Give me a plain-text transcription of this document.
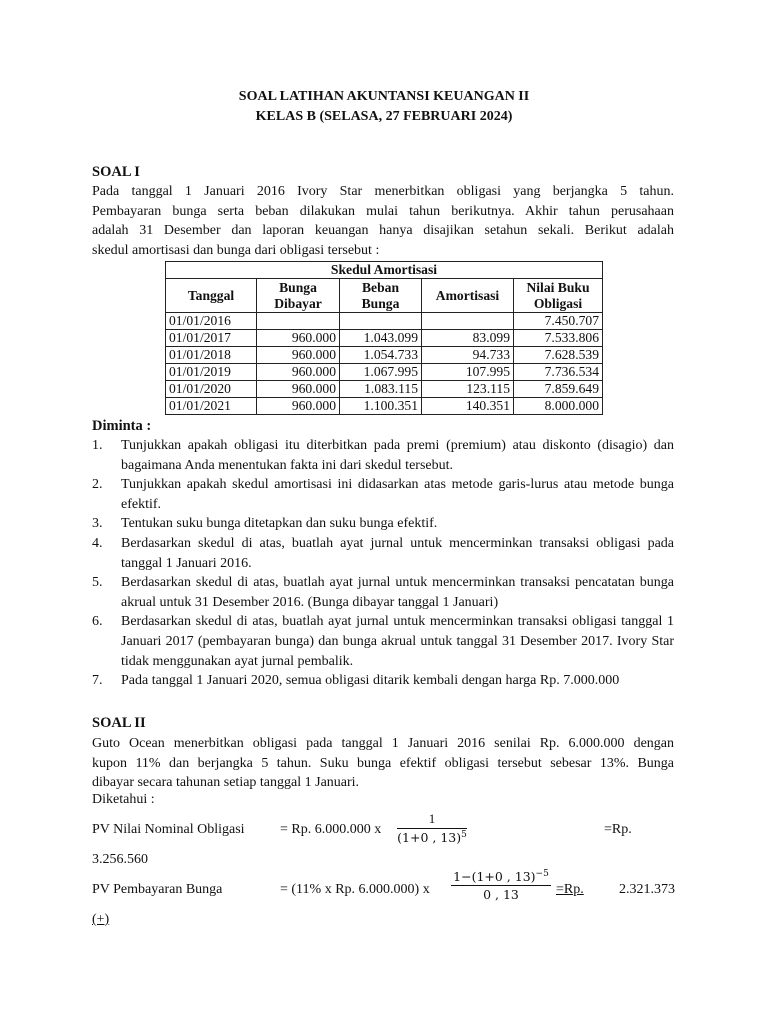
SOAL LATIHAN AKUNTANSI KEUANGAN II
KELAS B (SELASA, 27 FEBRUARI 2024)
SOAL I
Pada tanggal 1 Januari 2016 Ivory Star menerbitkan obligasi yang berjangka 5 tahun.
Pembayaran bunga serta beban dilakukan mulai tahun berikutnya. Akhir tahun perusahaan
adalah 31 Desember dan laporan keuangan hanya disajikan setahun sekali. Berikut adalah
skedul amortisasi dan bunga dari obligasi tersebut :
Skedul Amortisasi				
Tanggal	Bunga Dibayar	Beban Bunga	Amortisasi	Nilai Buku Obligasi
01/01/2016				7.450.707
01/01/2017	960.000	1.043.099	83.099	7.533.806
01/01/2018	960.000	1.054.733	94.733	7.628.539
01/01/2019	960.000	1.067.995	107.995	7.736.534
01/01/2020	960.000	1.083.115	123.115	7.859.649
01/01/2021	960.000	1.100.351	140.351	8.000.000
Diminta :
1. Tunjukkan apakah obligasi itu diterbitkan pada premi (premium) atau diskonto (disagio) dan bagaimana Anda menentukan fakta ini dari skedul tersebut.
2. Tunjukkan apakah skedul amortisasi ini didasarkan atas metode garis-lurus atau metode bunga efektif.
3. Tentukan suku bunga ditetapkan dan suku bunga efektif.
4. Berdasarkan skedul di atas, buatlah ayat jurnal untuk mencerminkan transaksi obligasi pada tanggal 1 Januari 2016.
5. Berdasarkan skedul di atas, buatlah ayat jurnal untuk mencerminkan transaksi pencatatan bunga akrual untuk 31 Desember 2016. (Bunga dibayar tanggal 1 Januari)
6. Berdasarkan skedul di atas, buatlah ayat jurnal untuk mencerminkan transaksi obligasi tanggal 1 Januari 2017 (pembayaran bunga) dan bunga akrual untuk tanggal 31 Desember 2017. Ivory Star tidak menggunakan ayat jurnal pembalik.
7. Pada tanggal 1 Januari 2020, semua obligasi ditarik kembali dengan harga Rp. 7.000.000
SOAL II
Guto Ocean menerbitkan obligasi pada tanggal 1 Januari 2016 senilai Rp. 6.000.000 dengan
kupon 11% dan berjangka 5 tahun. Suku bunga efektif obligasi tersebut sebesar 13%. Bunga
dibayar secara tahunan setiap tanggal 1 Januari.
Diketahui :
PV Nilai Nominal Obligasi	= Rp. 6.000.000 x
1
(1+0 , 13)$^5$	=Rp.
3.256.560
PV Pembayaran Bunga	= (11% x Rp. 6.000.000) x
1−(1+0 , 13)$^{-5}$
0 , 13	=Rp.	2.321.373
(+)
